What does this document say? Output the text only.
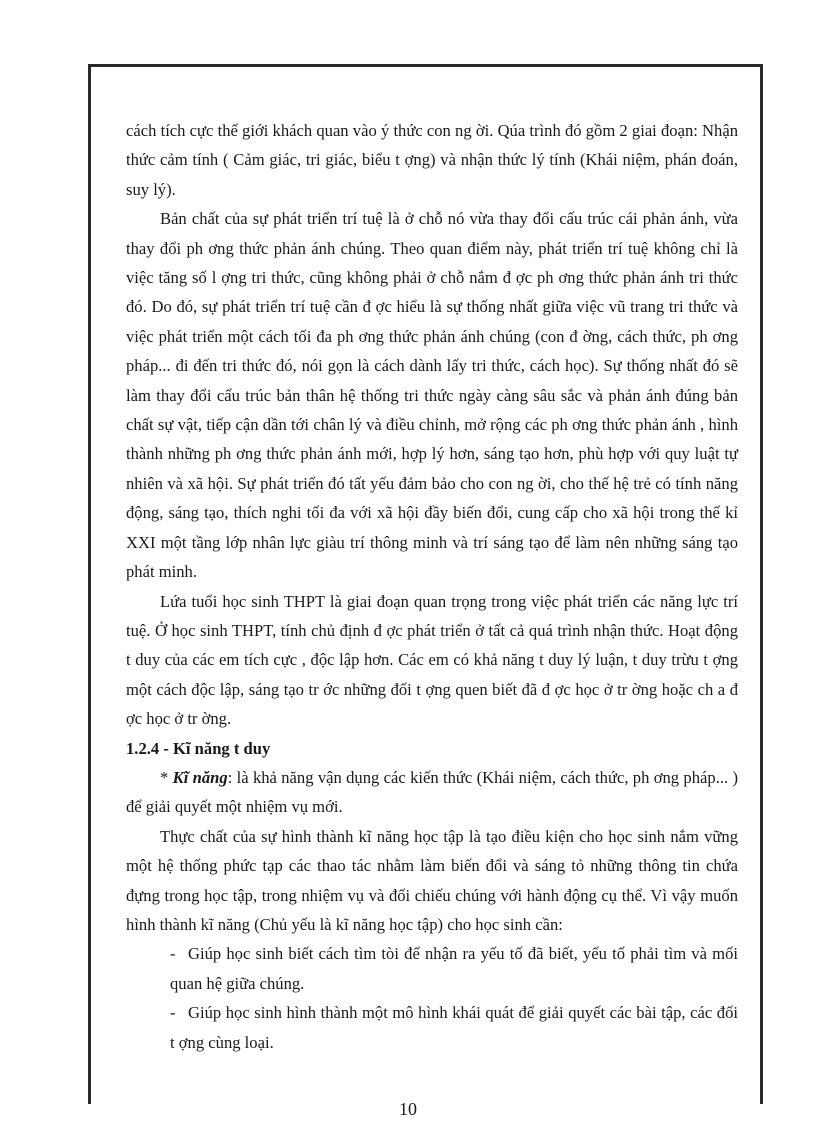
cách tích cực thế giới khách quan vào ý thức con ng ời. Qúa trình đó gồm 2 giai đoạn: Nhận thức cảm tính ( Cảm giác, tri giác, biểu t ợng) và nhận thức lý tính (Khái niệm, phán đoán, suy lý).

Bản chất của sự phát triển trí tuệ là ở chỗ nó vừa thay đổi cấu trúc cái phản ánh, vừa thay đổi ph ơng thức phản ánh chúng. Theo quan điểm này, phát triển trí tuệ không chỉ là việc tăng số l ợng tri thức, cũng không phải ở chỗ nắm đ ợc ph ơng thức phản ánh tri thức đó. Do đó, sự phát triển trí tuệ cần đ ợc hiểu là sự thống nhất giữa việc vũ trang tri thức và việc phát triển một cách tối đa ph ơng thức phản ánh chúng (con đ ờng, cách thức, ph ơng pháp... đi đến tri thức đó, nói gọn là cách dành lấy tri thức, cách học). Sự thống nhất đó sẽ làm thay đổi cấu trúc bản thân hệ thống tri thức ngày càng sâu sắc và phản ánh đúng bản chất sự vật, tiếp cận dần tới chân lý và điều chỉnh, mở rộng các ph ơng thức phản ánh , hình thành những ph ơng thức phản ánh mới, hợp lý hơn, sáng tạo hơn, phù hợp với quy luật tự nhiên và xã hội. Sự phát triển đó tất yếu đảm bảo cho con ng ời, cho thế hệ trẻ có tính năng động, sáng tạo, thích nghi tối đa với xã hội đầy biến đổi, cung cấp cho xã hội trong thế kỉ XXI một tầng lớp nhân lực giàu trí thông minh và trí sáng tạo để làm nên những sáng tạo phát minh.

Lứa tuổi học sinh THPT là giai đoạn quan trọng trong việc phát triển các năng lực trí tuệ. Ở học sinh THPT, tính chủ định đ ợc phát triển ở tất cả quá trình nhận thức. Hoạt động t duy của các em tích cực , độc lập hơn. Các em có khả năng t duy lý luận, t duy trừu t ợng một cách độc lập, sáng tạo tr ớc những đối t ợng quen biết đã đ ợc học ở tr ờng hoặc ch a đ ợc học ở tr ờng.

1.2.4 - Kĩ năng t duy

* Kĩ năng: là khả năng vận dụng các kiến thức (Khái niệm, cách thức, ph ơng pháp... ) để giải quyết một nhiệm vụ mới.

Thực chất của sự hình thành kĩ năng học tập là tạo điều kiện cho học sinh nắm vững một hệ thống phức tạp các thao tác nhằm làm biến đổi và sáng tỏ những thông tin chứa đựng trong học tập, trong nhiệm vụ và đối chiếu chúng với hành động cụ thể. Vì vậy muốn hình thành kĩ năng (Chủ yếu là kĩ năng học tập) cho học sinh cần:

- Giúp học sinh biết cách tìm tòi để nhận ra yếu tố đã biết, yếu tố phải tìm và mối quan hệ giữa chúng.

- Giúp học sinh hình thành một mô hình khái quát để giải quyết các bài tập, các đối t ợng cùng loại.

10
